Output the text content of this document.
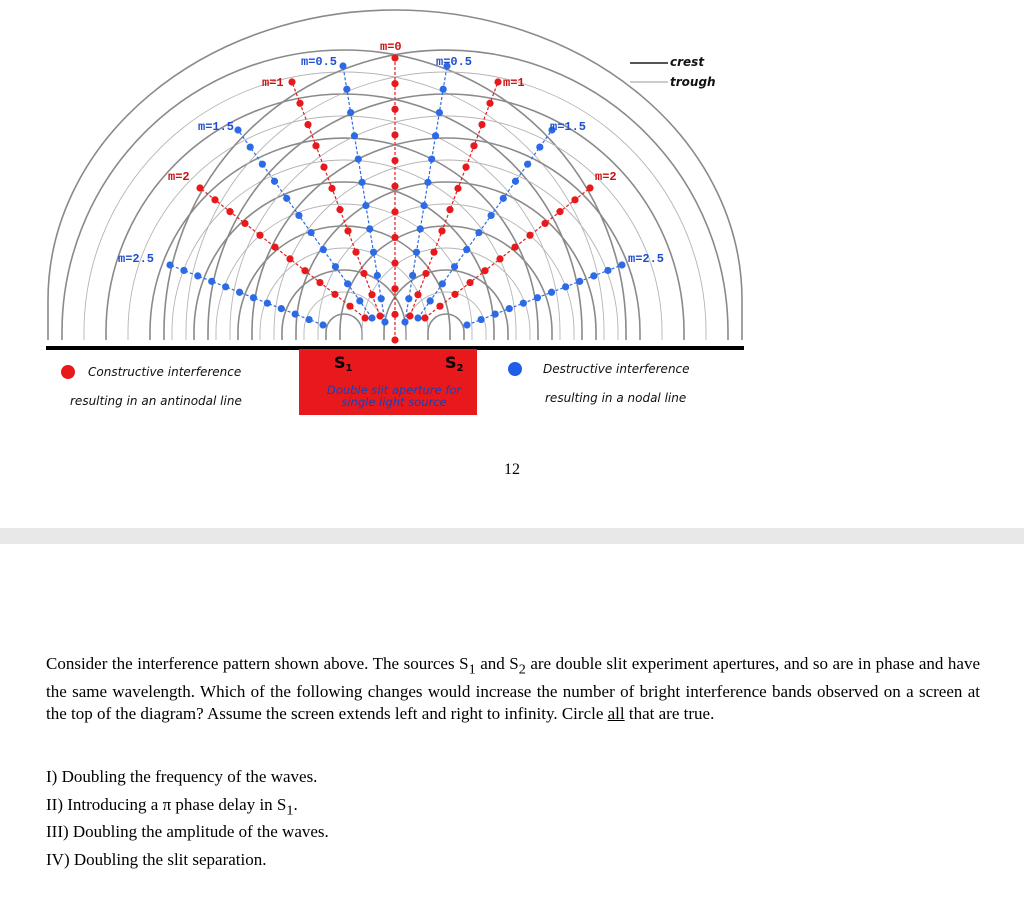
S1	S2
Double slit aperture for
single light source
crest
trough
Constructive interference
resulting in an antinodal line
Destructive interference
resulting in a nodal line
m=0
m=0.5	m=0.5
m=1	m=1
m=1.5	m=1.5
m=2	m=2
m=2.5	m=2.5
12

Consider the interference pattern shown above. The sources $S_1$ and $S_2$ are double slit experiment apertures, and so are in phase and have the same wavelength. Which of the following changes would increase the number of bright interference bands observed on a screen at the top of the diagram? Assume the screen extends left and right to infinity. Circle all that are true.

I) Doubling the frequency of the waves.
II) Introducing a π phase delay in $S_1$.
III) Doubling the amplitude of the waves.
IV) Doubling the slit separation.
